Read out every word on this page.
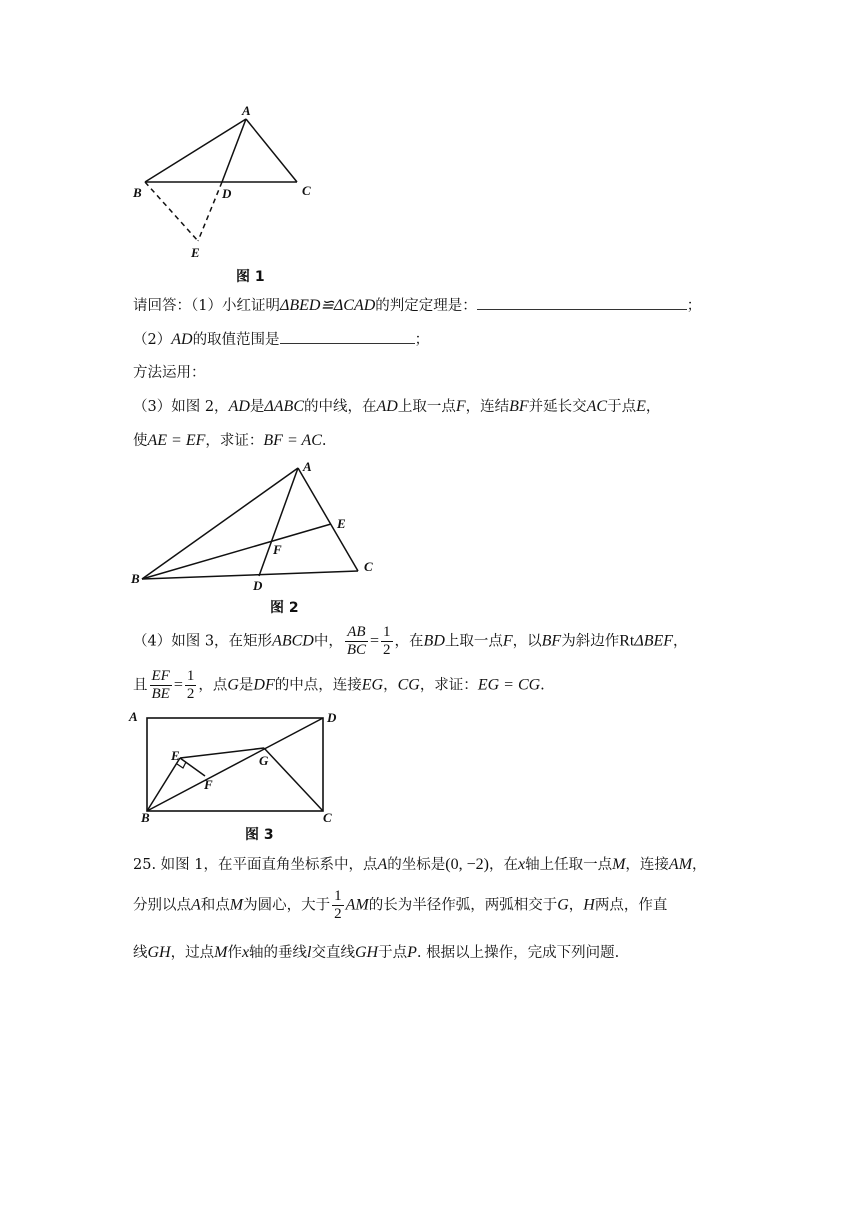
A
B	C
D
E
图 1
请回答：（1）小红证明ΔBED≌ΔCAD的判定定理是：	；
（2）AD的取值范围是	；
方法运用：
（3）如图 2，AD是ΔABC的中线，在AD上取一点F，连结BF并延长交AC于点E，
使AE = EF，求证：BF = AC.
A
B
C
D
E
F
图 2
（4）如图 3，在矩形ABCD中， $\frac{AB}{BC} = \frac{1}{2}$ ，在BD上取一点F，以BF为斜边作RtΔBEF，
且 $\frac{EF}{BE} = \frac{1}{2}$ ，点G是DF的中点，连接EG，CG，求证：EG = CG.
A
B	C
D
E
F
G
图 3
25. 如图 1，在平面直角坐标系中，点A的坐标是(0, −2)，在x轴上任取一点M，连接AM，
分别以点A和点M为圆心，大于 $\frac{1}{2}$ AM的长为半径作弧，两弧相交于G，H两点，作直
线GH，过点M作x轴的垂线l交直线GH于点P. 根据以上操作，完成下列问题.
